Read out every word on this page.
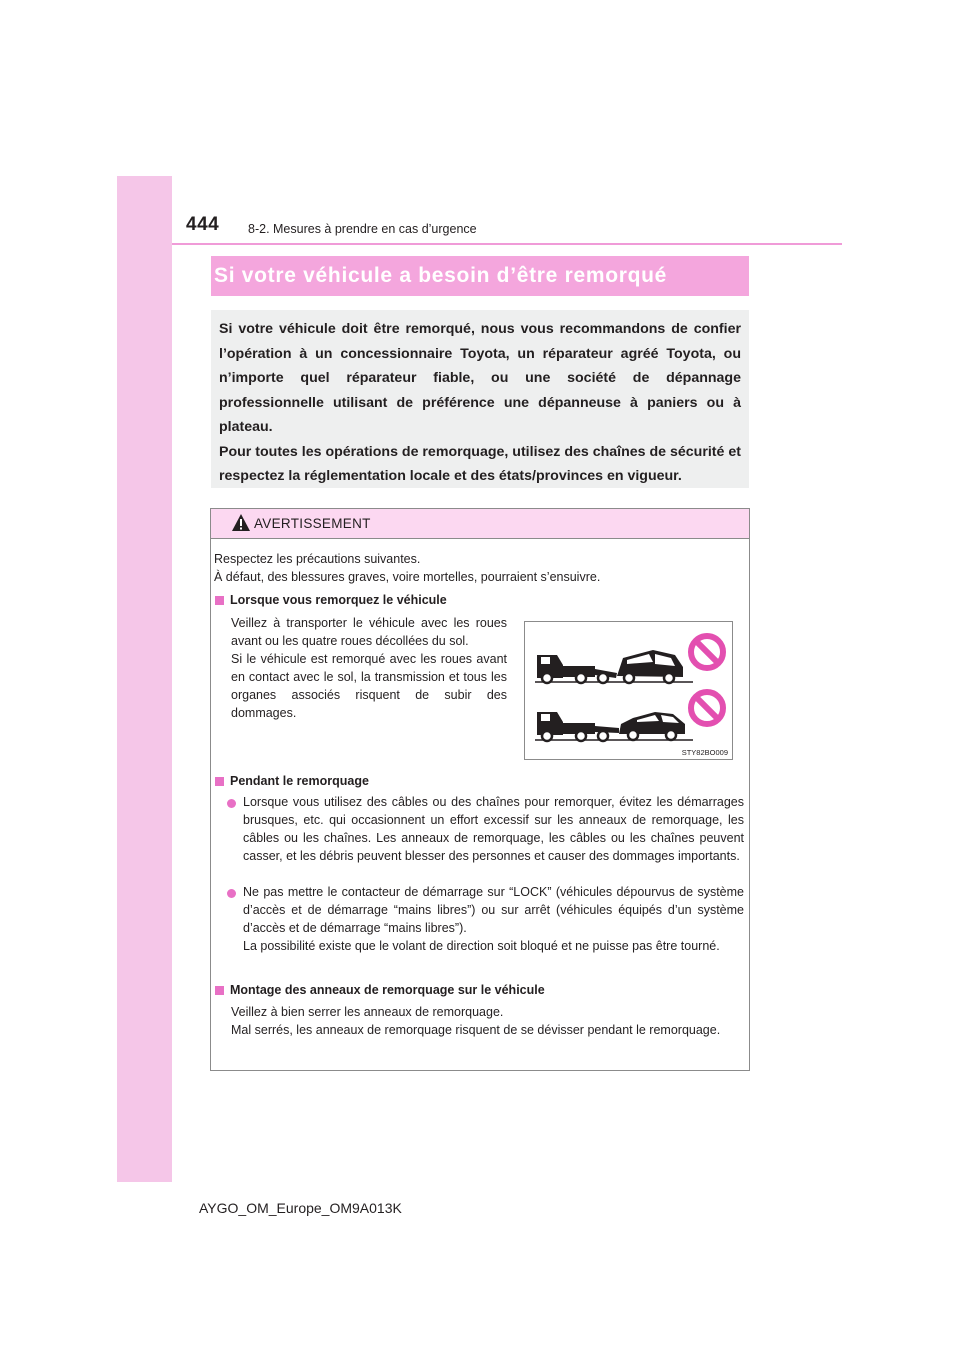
444 8-2. Mesures à prendre en cas d’urgence
Si votre véhicule a besoin d’être remorqué

Si votre véhicule doit être remorqué, nous vous recommandons de confier l’opération à un concessionnaire Toyota, un réparateur agréé Toyota, ou n’importe quel réparateur fiable, ou une société de dépannage professionnelle utilisant de préférence une dépanneuse à paniers ou à plateau.

Pour toutes les opérations de remorquage, utilisez des chaînes de sécurité et respectez la réglementation locale et des états/provinces en vigueur.

AVERTISSEMENT
Respectez les précautions suivantes.
À défaut, des blessures graves, voire mortelles, pourraient s’ensuivre.
Lorsque vous remorquez le véhicule
Veillez à transporter le véhicule avec les roues avant ou les quatre roues décollées du sol.
Si le véhicule est remorqué avec les roues avant en contact avec le sol, la transmission et tous les organes associés risquent de subir des dommages.
STY82BO009
Pendant le remorquage
Lorsque vous utilisez des câbles ou des chaînes pour remorquer, évitez les démarrages brusques, etc. qui occasionnent un effort excessif sur les anneaux de remorquage, les câbles ou les chaînes. Les anneaux de remorquage, les câbles ou les chaînes peuvent casser, et les débris peuvent blesser des personnes et causer des dommages importants.
Ne pas mettre le contacteur de démarrage sur “LOCK” (véhicules dépourvus de système d’accès et de démarrage “mains libres”) ou sur arrêt (véhicules équipés d’un système d’accès et de démarrage “mains libres”).
La possibilité existe que le volant de direction soit bloqué et ne puisse pas être tourné.
Montage des anneaux de remorquage sur le véhicule
Veillez à bien serrer les anneaux de remorquage.
Mal serrés, les anneaux de remorquage risquent de se dévisser pendant le remorquage.
AYGO_OM_Europe_OM9A013K
